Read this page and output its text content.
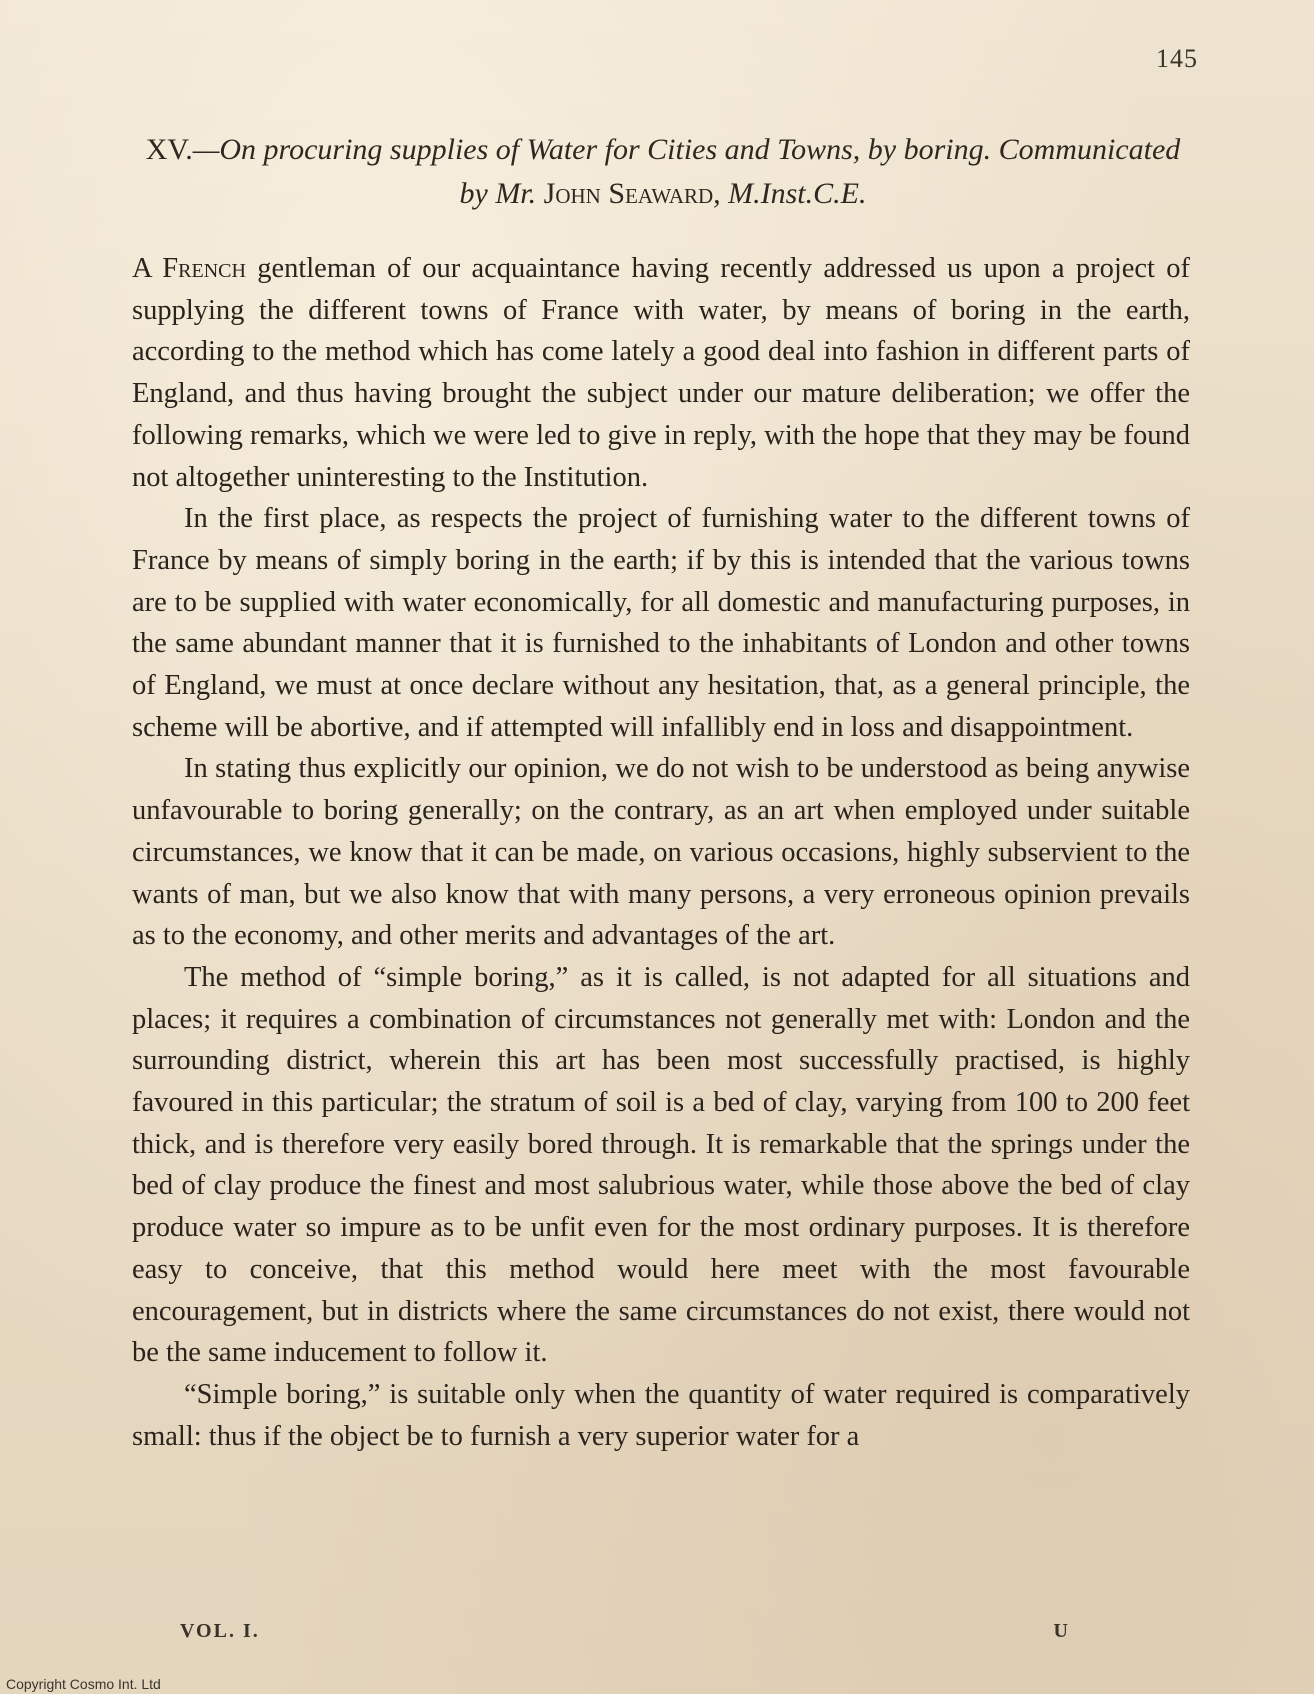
145
XV.—On procuring supplies of Water for Cities and Towns, by boring. Communicated by Mr. John Seaward, M.Inst.C.E.

A French gentleman of our acquaintance having recently addressed us upon a project of supplying the different towns of France with water, by means of boring in the earth, according to the method which has come lately a good deal into fashion in different parts of England, and thus having brought the subject under our mature deliberation; we offer the following remarks, which we were led to give in reply, with the hope that they may be found not altogether uninteresting to the Institution.

In the first place, as respects the project of furnishing water to the different towns of France by means of simply boring in the earth; if by this is intended that the various towns are to be supplied with water economically, for all domestic and manufacturing purposes, in the same abundant manner that it is furnished to the inhabitants of London and other towns of England, we must at once declare without any hesitation, that, as a general principle, the scheme will be abortive, and if attempted will infallibly end in loss and disappointment.

In stating thus explicitly our opinion, we do not wish to be understood as being anywise unfavourable to boring generally; on the contrary, as an art when employed under suitable circumstances, we know that it can be made, on various occasions, highly subservient to the wants of man, but we also know that with many persons, a very erroneous opinion prevails as to the economy, and other merits and advantages of the art.

The method of “simple boring,” as it is called, is not adapted for all situations and places; it requires a combination of circumstances not generally met with: London and the surrounding district, wherein this art has been most successfully practised, is highly favoured in this particular; the stratum of soil is a bed of clay, varying from 100 to 200 feet thick, and is therefore very easily bored through. It is remarkable that the springs under the bed of clay produce the finest and most salubrious water, while those above the bed of clay produce water so impure as to be unfit even for the most ordinary purposes. It is therefore easy to conceive, that this method would here meet with the most favourable encouragement, but in districts where the same circumstances do not exist, there would not be the same inducement to follow it.

“Simple boring,” is suitable only when the quantity of water required is comparatively small: thus if the object be to furnish a very superior water for a

VOL. I.	U
Copyright Cosmo Int. Ltd
